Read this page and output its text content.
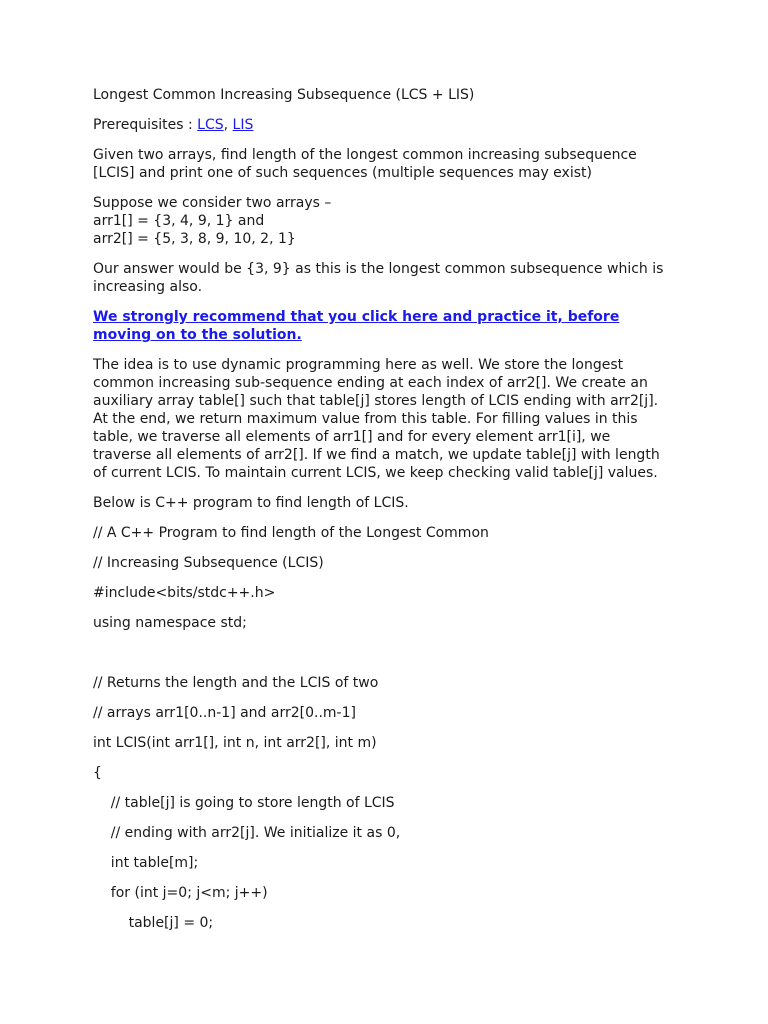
Longest Common Increasing Subsequence (LCS + LIS)
Prerequisites : LCS, LIS
Given two arrays, find length of the longest common increasing subsequence
[LCIS] and print one of such sequences (multiple sequences may exist)
Suppose we consider two arrays –
arr1[] = {3, 4, 9, 1} and
arr2[] = {5, 3, 8, 9, 10, 2, 1}
Our answer would be {3, 9} as this is the longest common subsequence which is
increasing also.
We strongly recommend that you click here and practice it, before
moving on to the solution.
The idea is to use dynamic programming here as well. We store the longest
common increasing sub-sequence ending at each index of arr2[]. We create an
auxiliary array table[] such that table[j] stores length of LCIS ending with arr2[j].
At the end, we return maximum value from this table. For filling values in this
table, we traverse all elements of arr1[] and for every element arr1[i], we
traverse all elements of arr2[]. If we find a match, we update table[j] with length
of current LCIS. To maintain current LCIS, we keep checking valid table[j] values.
Below is C++ program to find length of LCIS.
// A C++ Program to find length of the Longest Common
// Increasing Subsequence (LCIS)
#include<bits/stdc++.h>
using namespace std;
// Returns the length and the LCIS of two
// arrays arr1[0..n-1] and arr2[0..m-1]
int LCIS(int arr1[], int n, int arr2[], int m)
{
// table[j] is going to store length of LCIS
// ending with arr2[j]. We initialize it as 0,
int table[m];
for (int j=0; j<m; j++)
table[j] = 0;
